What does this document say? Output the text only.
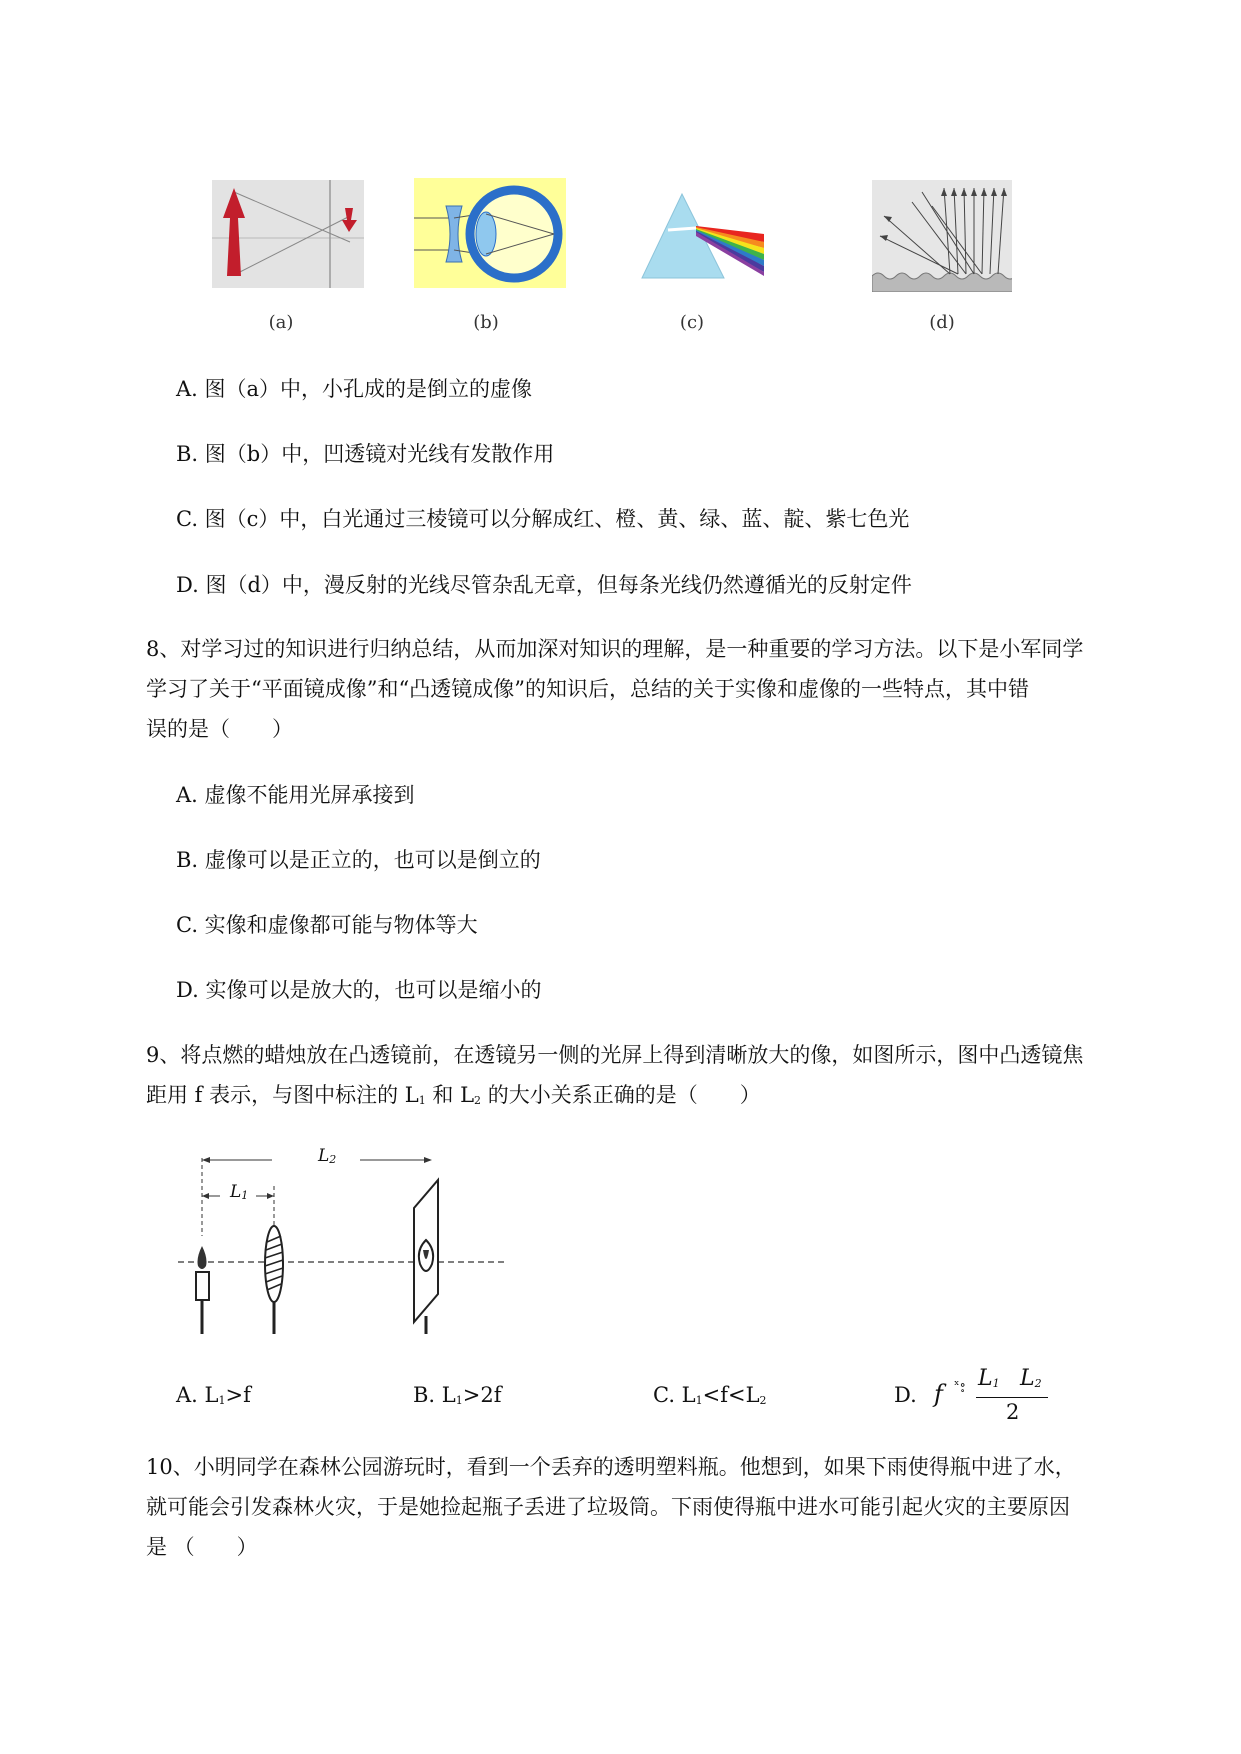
(a)	(b)	(c)	(d)
A. 图（a）中，小孔成的是倒立的虚像
B. 图（b）中，凹透镜对光线有发散作用
C. 图（c）中，白光通过三棱镜可以分解成红、橙、黄、绿、蓝、靛、紫七色光
D. 图（d）中，漫反射的光线尽管杂乱无章，但每条光线仍然遵循光的反射定件
8、对学习过的知识进行归纳总结，从而加深对知识的理解，是一种重要的学习方法。以下是小军同学
学习了关于“平面镜成像”和“凸透镜成像”的知识后，总结的关于实像和虚像的一些特点，其中错
误的是（　　）
A. 虚像不能用光屏承接到
B. 虚像可以是正立的，也可以是倒立的
C. 实像和虚像都可能与物体等大
D. 实像可以是放大的，也可以是缩小的
9、将点燃的蜡烛放在凸透镜前，在透镜另一侧的光屏上得到清晰放大的像，如图所示，图中凸透镜焦
距用 f 表示，与图中标注的 $L_1$ 和 $L_2$ 的大小关系正确的是（　　）
$L_2$
$L_1$
A. $L_1>f$	B. $L_1>2f$	C. $L_1<f<L_2$	D. f ˣ∘̥ $L_1$ $L_2$
2
10、小明同学在森林公园游玩时，看到一个丢弃的透明塑料瓶。他想到，如果下雨使得瓶中进了水，
就可能会引发森林火灾，于是她捡起瓶子丢进了垃圾筒。下雨使得瓶中进水可能引起火灾的主要原因
是 （　　）
